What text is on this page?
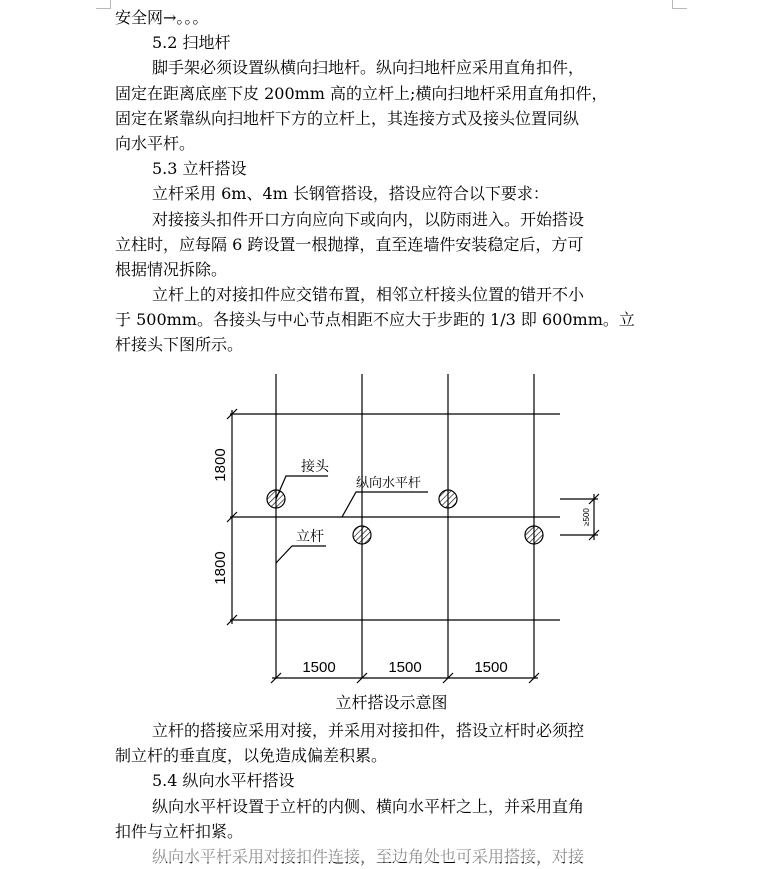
安全网→。。。
5.2 扫地杆
脚手架必须设置纵横向扫地杆。纵向扫地杆应采用直角扣件，
固定在距离底座下皮 200mm 高的立杆上;横向扫地杆采用直角扣件，
固定在紧靠纵向扫地杆下方的立杆上，其连接方式及接头位置同纵
向水平杆。
5.3 立杆搭设
立杆采用 6m、4m 长钢管搭设，搭设应符合以下要求：
对接接头扣件开口方向应向下或向内，以防雨进入。开始搭设
立柱时，应每隔 6 跨设置一根抛撑，直至连墙件安装稳定后，方可
根据情况拆除。
立杆上的对接扣件应交错布置，相邻立杆接头位置的错开不小
于 500mm。各接头与中心节点相距不应大于步距的 1/3 即 600mm。立
杆接头下图所示。
接头
纵向水平杆
立杆
1800
1800
1500	1500	1500
≥500
立杆搭设示意图
立杆的搭接应采用对接，并采用对接扣件，搭设立杆时必须控
制立杆的垂直度，以免造成偏差积累。
5.4 纵向水平杆搭设
纵向水平杆设置于立杆的内侧、横向水平杆之上，并采用直角
扣件与立杆扣紧。
